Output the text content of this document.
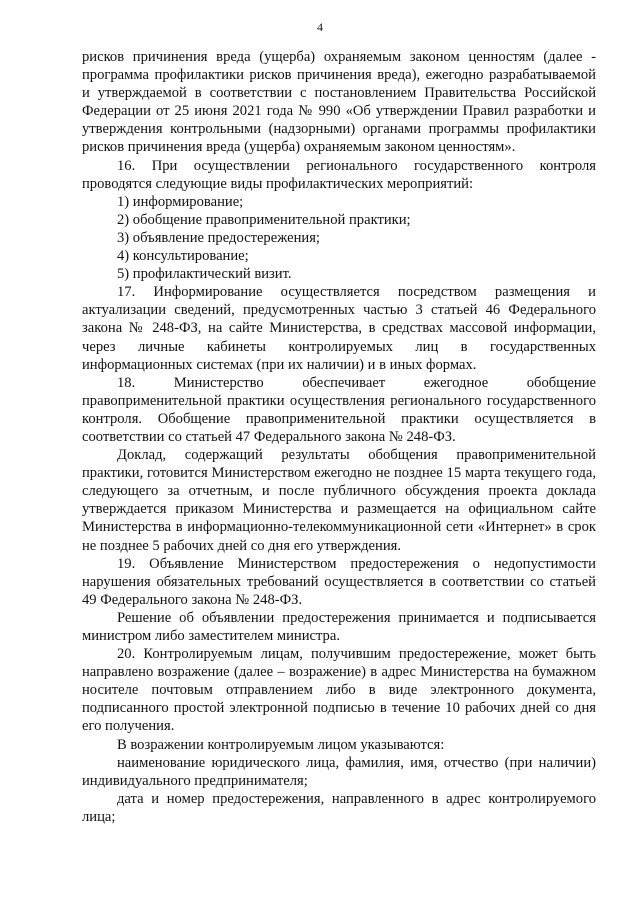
4

рисков причинения вреда (ущерба) охраняемым законом ценностям (далее - программа профилактики рисков причинения вреда), ежегодно разрабатываемой и утверждаемой в соответствии с постановлением Правительства Российской Федерации от 25 июня 2021 года № 990 «Об утверждении Правил разработки и утверждения контрольными (надзорными) органами программы профилактики рисков причинения вреда (ущерба) охраняемым законом ценностям».

16. При осуществлении регионального государственного контроля проводятся следующие виды профилактических мероприятий:

1) информирование;

2) обобщение правоприменительной практики;

3) объявление предостережения;

4) консультирование;

5) профилактический визит.

17. Информирование осуществляется посредством размещения и актуализации сведений, предусмотренных частью 3 статьей 46 Федерального закона № 248-ФЗ, на сайте Министерства, в средствах массовой информации, через личные кабинеты контролируемых лиц в государственных информационных системах (при их наличии) и в иных формах.

18. Министерство обеспечивает ежегодное обобщение правоприменительной практики осуществления регионального государственного контроля. Обобщение правоприменительной практики осуществляется в соответствии со статьей 47 Федерального закона № 248-ФЗ.

Доклад, содержащий результаты обобщения правоприменительной практики, готовится Министерством ежегодно не позднее 15 марта текущего года, следующего за отчетным, и после публичного обсуждения проекта доклада утверждается приказом Министерства и размещается на официальном сайте Министерства в информационно-телекоммуникационной сети «Интернет» в срок не позднее 5 рабочих дней со дня его утверждения.

19. Объявление Министерством предостережения о недопустимости нарушения обязательных требований осуществляется в соответствии со статьей 49 Федерального закона № 248-ФЗ.

Решение об объявлении предостережения принимается и подписывается министром либо заместителем министра.

20. Контролируемым лицам, получившим предостережение, может быть направлено возражение (далее – возражение) в адрес Министерства на бумажном носителе почтовым отправлением либо в виде электронного документа, подписанного простой электронной подписью в течение 10 рабочих дней со дня его получения.

В возражении контролируемым лицом указываются:

наименование юридического лица, фамилия, имя, отчество (при наличии) индивидуального предпринимателя;

дата и номер предостережения, направленного в адрес контролируемого лица;
